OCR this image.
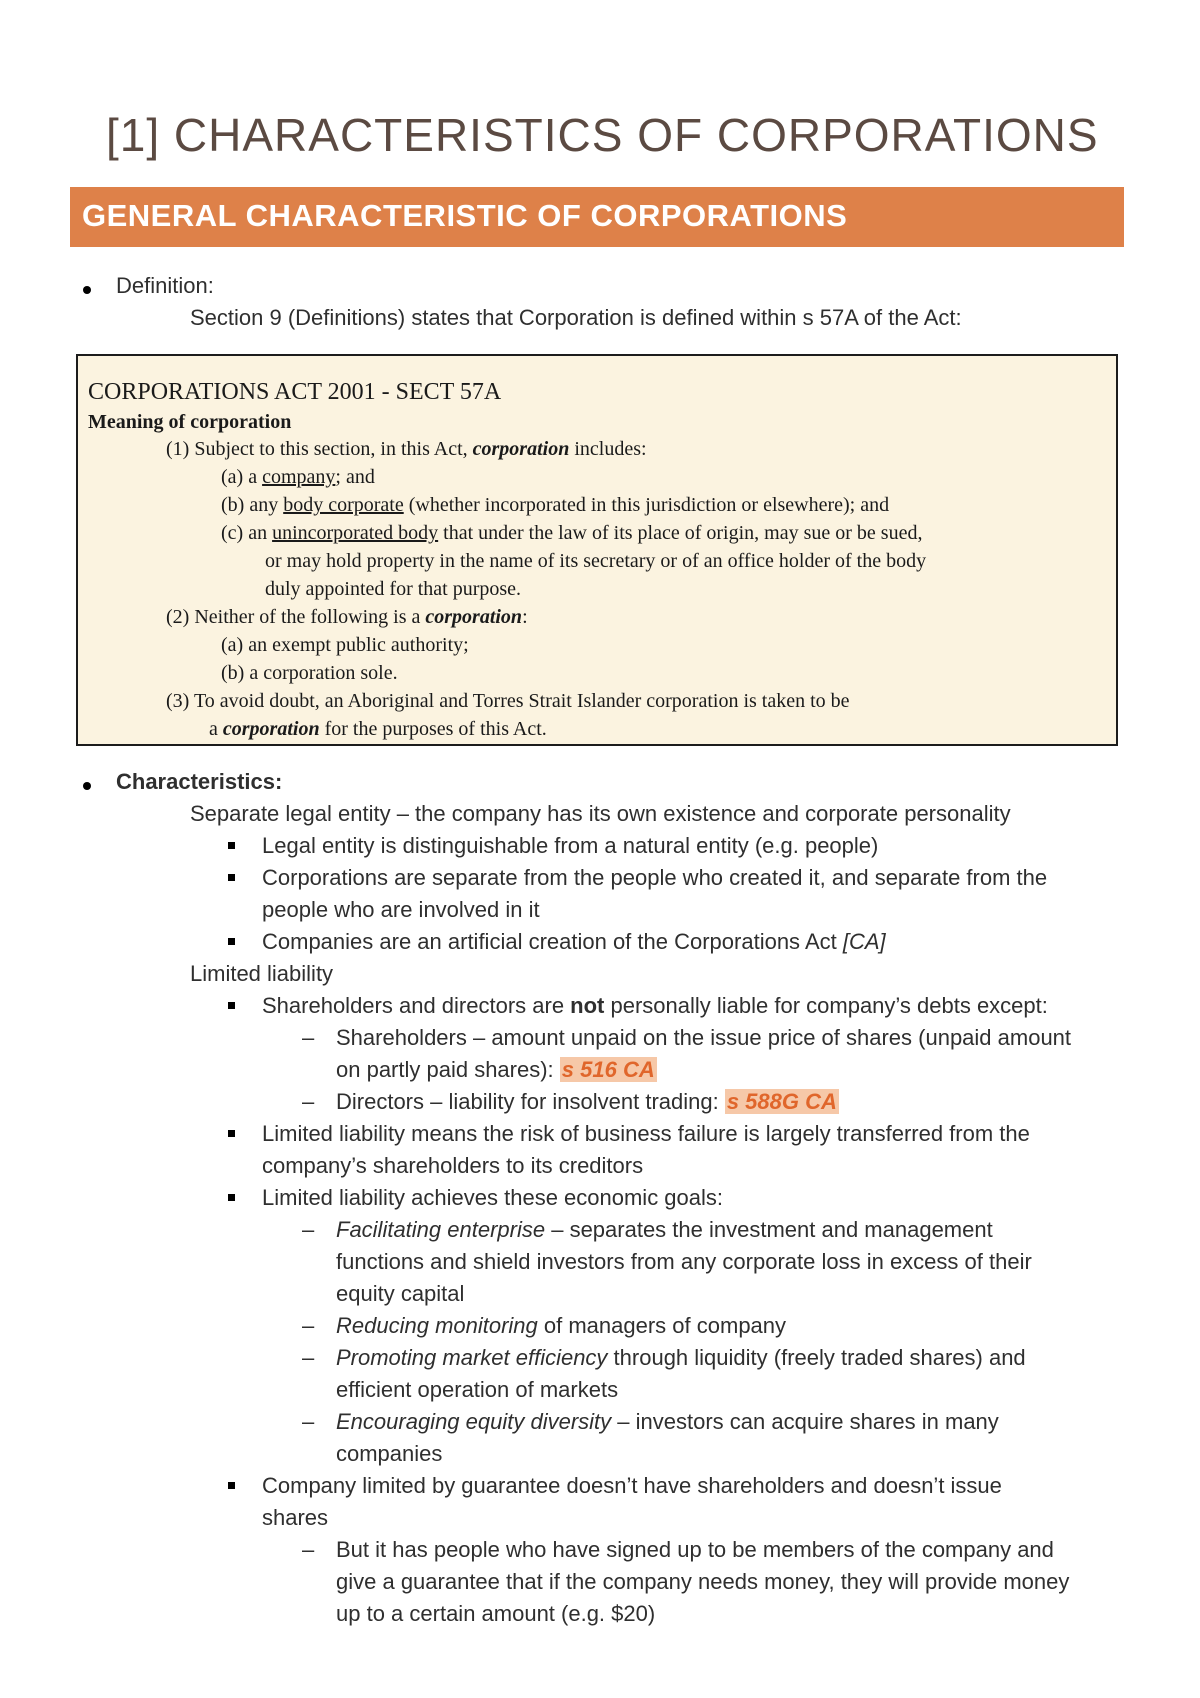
[1] CHARACTERISTICS OF CORPORATIONS
GENERAL CHARACTERISTIC OF CORPORATIONS
Definition:
Section 9 (Definitions) states that Corporation is defined within s 57A of the Act:
CORPORATIONS ACT 2001 - SECT 57A
Meaning of corporation
(1) Subject to this section, in this Act, corporation includes:
(a) a company; and
(b) any body corporate (whether incorporated in this jurisdiction or elsewhere); and
(c) an unincorporated body that under the law of its place of origin, may sue or be sued,
or may hold property in the name of its secretary or of an office holder of the body
duly appointed for that purpose.
(2) Neither of the following is a corporation:
(a) an exempt public authority;
(b) a corporation sole.
(3) To avoid doubt, an Aboriginal and Torres Strait Islander corporation is taken to be
a corporation for the purposes of this Act.
Characteristics:
Separate legal entity – the company has its own existence and corporate personality
Legal entity is distinguishable from a natural entity (e.g. people)
Corporations are separate from the people who created it, and separate from the
people who are involved in it
Companies are an artificial creation of the Corporations Act [CA]
Limited liability
Shareholders and directors are not personally liable for company’s debts except:
– Shareholders – amount unpaid on the issue price of shares (unpaid amount
on partly paid shares): s 516 CA
– Directors – liability for insolvent trading: s 588G CA
Limited liability means the risk of business failure is largely transferred from the
company’s shareholders to its creditors
Limited liability achieves these economic goals:
– Facilitating enterprise – separates the investment and management
functions and shield investors from any corporate loss in excess of their
equity capital
– Reducing monitoring of managers of company
– Promoting market efficiency through liquidity (freely traded shares) and
efficient operation of markets
– Encouraging equity diversity – investors can acquire shares in many
companies
Company limited by guarantee doesn’t have shareholders and doesn’t issue
shares
– But it has people who have signed up to be members of the company and
give a guarantee that if the company needs money, they will provide money
up to a certain amount (e.g. $20)
